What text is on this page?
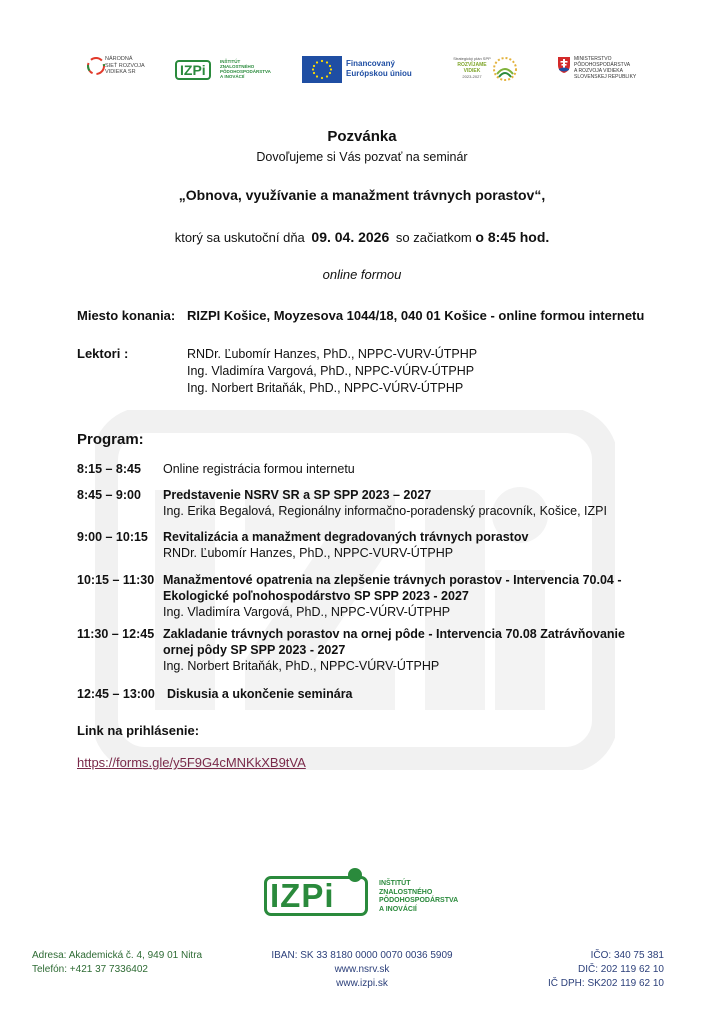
NÁRODNÁ
SIEŤ ROZVOJA
VIDIEKA SR	IZPi
INŠTITÚT
ZNALOSTNÉHO
PÔDOHOSPODÁRSTVA
A INOVÁCIÍ
Financovaný
Európskou úniou
Strategický plán SPP
ROZVÍJAME
VIDIEK
2023-2027
MINISTERSTVO
PÔDOHOSPODÁRSTVA
A ROZVOJA VIDIEKA
SLOVENSKEJ REPUBLIKY
Pozvánka
Dovoľujeme si Vás pozvať na seminár
„Obnova, využívanie a manažment trávnych porastov“,
ktorý sa uskutoční dňa 09. 04. 2026 so začiatkom o 8:45 hod.
online formou
Miesto konania: RIZPI Košice, Moyzesova 1044/18, 040 01 Košice - online formou internetu
Lektori :	RNDr. Ľubomír Hanzes, PhD., NPPC-VURV-ÚTPHP
Ing. Vladimíra Vargová, PhD., NPPC-VÚRV-ÚTPHP
Ing. Norbert Britaňák, PhD., NPPC-VÚRV-ÚTPHP
Program:
8:15 – 8:45 Online registrácia formou internetu
8:45 – 9:00 Predstavenie NSRV SR a SP SPP 2023 – 2027
Ing. Erika Begalová, Regionálny informačno-poradenský pracovník, Košice, IZPI
9:00 – 10:15 Revitalizácia a manažment degradovaných trávnych porastov
RNDr. Ľubomír Hanzes, PhD., NPPC-VURV-ÚTPHP
10:15 – 11:30 Manažmentové opatrenia na zlepšenie trávnych porastov - Intervencia 70.04 -
Ekologické poľnohospodárstvo SP SPP 2023 - 2027
Ing. Vladimíra Vargová, PhD., NPPC-VÚRV-ÚTPHP
11:30 – 12:45 Zakladanie trávnych porastov na ornej pôde - Intervencia 70.08 Zatrávňovanie
ornej pôdy SP SPP 2023 - 2027
Ing. Norbert Britaňák, PhD., NPPC-VÚRV-ÚTPHP
12:45 – 13:00 Diskusia a ukončenie seminára
Link na prihlásenie:
https://forms.gle/y5F9G4cMNKkXB9tVA
IZPi	INŠTITÚT
ZNALOSTNÉHO
PÔDOHOSPODÁRSTVA
A INOVÁCIÍ
Adresa: Akademická č. 4, 949 01 Nitra
Telefón: +421 37 7336402
IBAN: SK 33 8180 0000 0070 0036 5909
www.nsrv.sk
www.izpi.sk
IČO: 340 75 381
DIČ: 202 119 62 10
IČ DPH: SK202 119 62 10
